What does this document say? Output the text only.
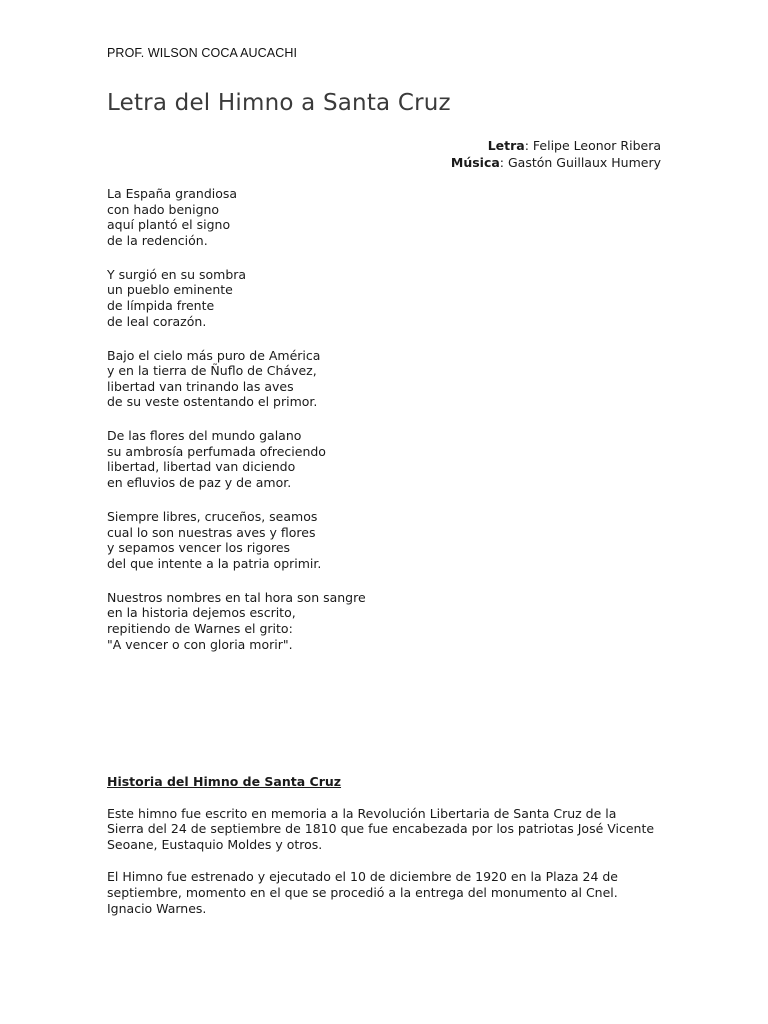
PROF. WILSON COCA AUCACHI
Letra del Himno a Santa Cruz
Letra: Felipe Leonor Ribera
Música: Gastón Guillaux Humery
La España grandiosa
con hado benigno
aquí plantó el signo
de la redención.
Y surgió en su sombra
un pueblo eminente
de límpida frente
de leal corazón.
Bajo el cielo más puro de América
y en la tierra de Ñuflo de Chávez,
libertad van trinando las aves
de su veste ostentando el primor.
De las flores del mundo galano
su ambrosía perfumada ofreciendo
libertad, libertad van diciendo
en efluvios de paz y de amor.
Siempre libres, cruceños, seamos
cual lo son nuestras aves y flores
y sepamos vencer los rigores
del que intente a la patria oprimir.
Nuestros nombres en tal hora son sangre
en la historia dejemos escrito,
repitiendo de Warnes el grito:
"A vencer o con gloria morir".
Historia del Himno de Santa Cruz
Este himno fue escrito en memoria a la Revolución Libertaria de Santa Cruz de la
Sierra del 24 de septiembre de 1810 que fue encabezada por los patriotas José Vicente
Seoane, Eustaquio Moldes y otros.
El Himno fue estrenado y ejecutado el 10 de diciembre de 1920 en la Plaza 24 de
septiembre, momento en el que se procedió a la entrega del monumento al Cnel.
Ignacio Warnes.
